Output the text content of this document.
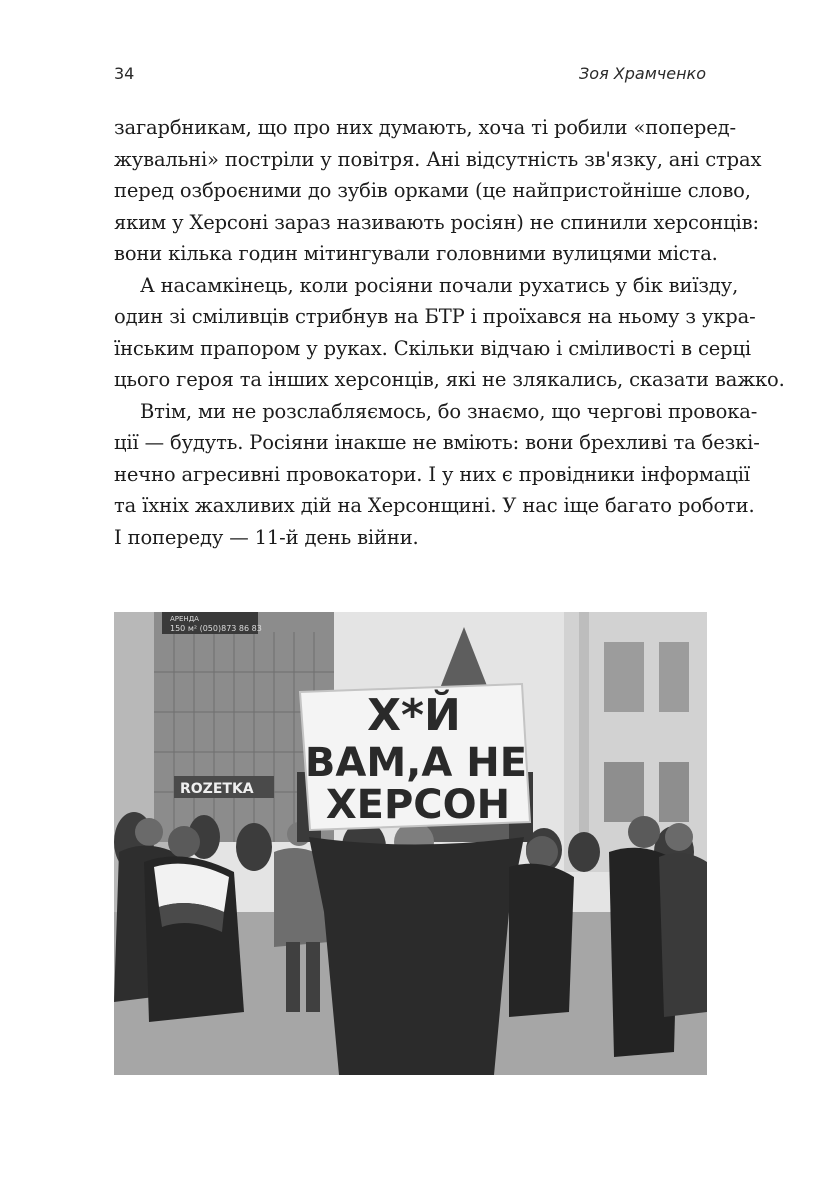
34	Зоя Храмченко
загарбникам, що про них думають, хоча ті робили «поперед-
жувальні» постріли у повітря. Ані відсутність зв'язку, ані страх
перед озброєними до зубів орками (це найпристойніше слово,
яким у Херсоні зараз називають росіян) не спинили херсонців:
вони кілька годин мітингували головними вулицями міста.
А насамкінець, коли росіяни почали рухатись у бік виїзду,
один зі сміливців стрибнув на БТР і проїхався на ньому з укра-
їнським прапором у руках. Скільки відчаю і сміливості в серці
цього героя та інших херсонців, які не злякались, сказати важко.
Втім, ми не розслабляємось, бо знаємо, що чергові провока-
ції — будуть. Росіяни інакше не вміють: вони брехливі та безкі-
нечно агресивні провокатори. І у них є провідники інформації
та їхніх жахливих дій на Херсонщині. У нас іще багато роботи.
І попереду — 11-й день війни.
АРЕНДА
150 м² (050)873 86 83
ROZETKA
Х*Й
ВАМ,А НЕ
ХЕРСОН
